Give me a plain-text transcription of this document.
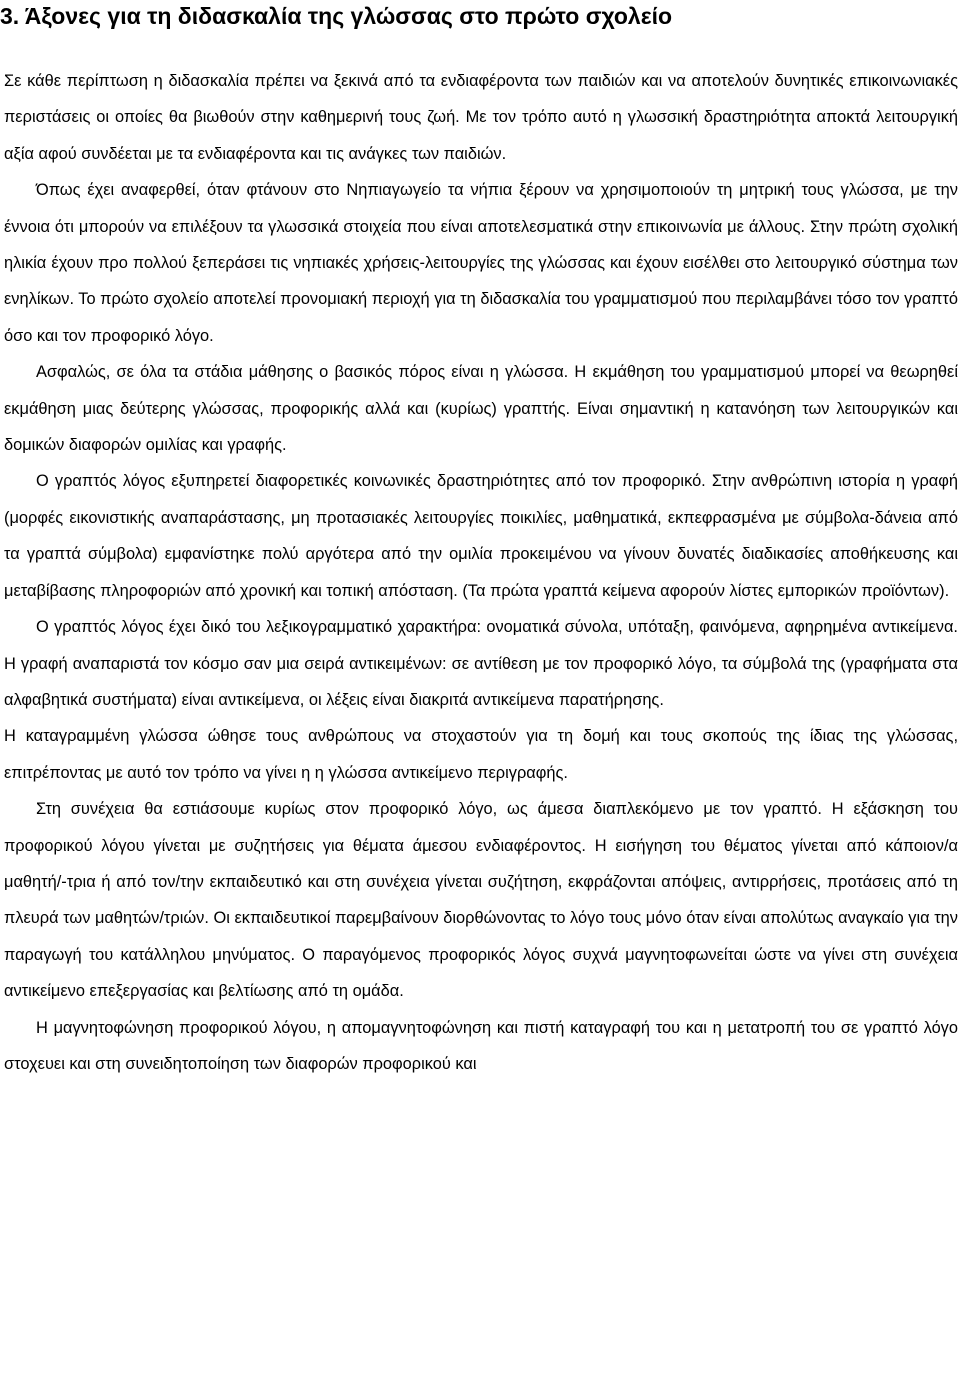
3. Άξονες για τη διδασκαλία της γλώσσας στο πρώτο σχολείο

Σε κάθε περίπτωση η διδασκαλία πρέπει να ξεκινά από τα ενδιαφέροντα των παιδιών και να αποτελούν δυνητικές επικοινωνιακές περιστάσεις οι οποίες θα βιωθούν στην καθημερινή τους ζωή. Με τον τρόπο αυτό η γλωσσική δραστηριότητα αποκτά λειτουργική αξία αφού συνδέεται με τα ενδιαφέροντα και τις ανάγκες των παιδιών.

Όπως έχει αναφερθεί, όταν φτάνουν στο Νηπιαγωγείο τα νήπια ξέρουν να χρησιμοποιούν τη μητρική τους γλώσσα, με την έννοια ότι μπορούν να επιλέξουν τα γλωσσικά στοιχεία που είναι αποτελεσματικά στην επικοινωνία με άλλους. Στην πρώτη σχολική ηλικία έχουν προ πολλού ξεπεράσει τις νηπιακές χρήσεις-λειτουργίες της γλώσσας και έχουν εισέλθει στο λειτουργικό σύστημα των ενηλίκων. Το πρώτο σχολείο αποτελεί προνομιακή περιοχή για τη διδασκαλία του γραμματισμού που περιλαμβάνει τόσο τον γραπτό όσο και τον προφορικό λόγο.

Ασφαλώς, σε όλα τα στάδια μάθησης ο βασικός πόρος είναι η γλώσσα. Η εκμάθηση του γραμματισμού μπορεί να θεωρηθεί εκμάθηση μιας δεύτερης γλώσσας, προφορικής αλλά και (κυρίως) γραπτής. Είναι σημαντική η κατανόηση των λειτουργικών και δομικών διαφορών ομιλίας και γραφής.

Ο γραπτός λόγος εξυπηρετεί διαφορετικές κοινωνικές δραστηριότητες από τον προφορικό. Στην ανθρώπινη ιστορία η γραφή (μορφές εικονιστικής αναπαράστασης, μη προτασιακές λειτουργίες ποικιλίες, μαθηματικά, εκπεφρασμένα με σύμβολα-δάνεια από τα γραπτά σύμβολα) εμφανίστηκε πολύ αργότερα από την ομιλία προκειμένου να γίνουν δυνατές διαδικασίες αποθήκευσης και μεταβίβασης πληροφοριών από χρονική και τοπική απόσταση. (Τα πρώτα γραπτά κείμενα αφορούν λίστες εμπορικών προϊόντων).

Ο γραπτός λόγος έχει δικό του λεξικογραμματικό χαρακτήρα: ονοματικά σύνολα, υπόταξη, φαινόμενα, αφηρημένα αντικείμενα. Η γραφή αναπαριστά τον κόσμο σαν μια σειρά αντικειμένων: σε αντίθεση με τον προφορικό λόγο, τα σύμβολά της (γραφήματα στα αλφαβητικά συστήματα) είναι αντικείμενα, οι λέξεις είναι διακριτά αντικείμενα παρατήρησης.

Η καταγραμμένη γλώσσα ώθησε τους ανθρώπους να στοχαστούν για τη δομή και τους σκοπούς της ίδιας της γλώσσας, επιτρέποντας με αυτό τον τρόπο να γίνει η η γλώσσα αντικείμενο περιγραφής.

Στη συνέχεια θα εστιάσουμε κυρίως στον προφορικό λόγο, ως άμεσα διαπλεκόμενο με τον γραπτό. Η εξάσκηση του προφορικού λόγου γίνεται με συζητήσεις για θέματα άμεσου ενδιαφέροντος. Η εισήγηση του θέματος γίνεται από κάποιον/α μαθητή/-τρια ή από τον/την εκπαιδευτικό και στη συνέχεια γίνεται συζήτηση, εκφράζονται απόψεις, αντιρρήσεις, προτάσεις από τη πλευρά των μαθητών/τριών. Οι εκπαιδευτικοί παρεμβαίνουν διορθώνοντας το λόγο τους μόνο όταν είναι απολύτως αναγκαίο για την παραγωγή του κατάλληλου μηνύματος. Ο παραγόμενος προφορικός λόγος συχνά μαγνητοφωνείται ώστε να γίνει στη συνέχεια αντικείμενο επεξεργασίας και βελτίωσης από τη ομάδα.

Η μαγνητοφώνηση προφορικού λόγου, η απομαγνητοφώνηση και πιστή καταγραφή του και η μετατροπή του σε γραπτό λόγο στοχευει και στη συνειδητοποίηση των διαφορών προφορικού και
